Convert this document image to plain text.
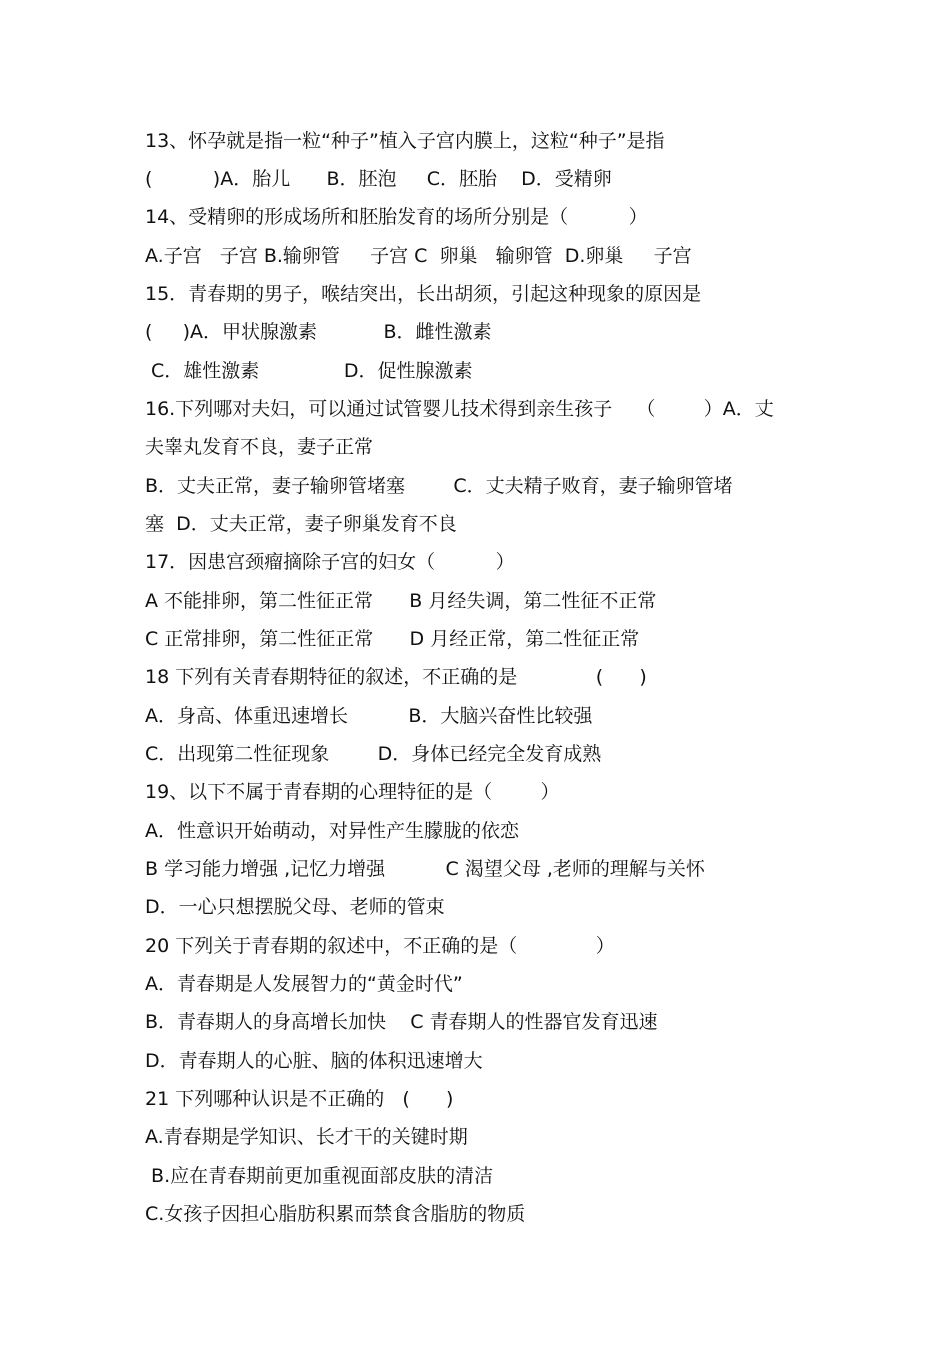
13、怀孕就是指一粒“种子”植入子宫内膜上，这粒“种子”是指
(          )A．胎儿      B．胚泡     C．胚胎    D．受精卵
14、受精卵的形成场所和胚胎发育的场所分别是（          ）
A.子宫   子宫 B.输卵管     子宫 C  卵巢   输卵管  D.卵巢     子宫
15．青春期的男子，喉结突出，长出胡须，引起这种现象的原因是
(     )A．甲状腺激素           B．雌性激素
C．雄性激素              D．促性腺激素
16.下列哪对夫妇，可以通过试管婴儿技术得到亲生孩子    （        ）A．丈
夫睾丸发育不良，妻子正常
B．丈夫正常，妻子输卵管堵塞        C．丈夫精子败育，妻子输卵管堵
塞  D．丈夫正常，妻子卵巢发育不良
17．因患宫颈瘤摘除子宫的妇女（          ）
A 不能排卵，第二性征正常      B 月经失调，第二性征不正常
C 正常排卵，第二性征正常      D 月经正常，第二性征正常
18 下列有关青春期特征的叙述，不正确的是             (      )
A．身高、体重迅速增长          B．大脑兴奋性比较强
C．出现第二性征现象        D．身体已经完全发育成熟
19、以下不属于青春期的心理特征的是（        ）
A．性意识开始萌动，对异性产生朦胧的依恋
B 学习能力增强 ,记忆力增强          C 渴望父母 ,老师的理解与关怀
D．一心只想摆脱父母、老师的管束
20 下列关于青春期的叙述中，不正确的是（             ）
A．青春期是人发展智力的“黄金时代”
B．青春期人的身高增长加快    C 青春期人的性器官发育迅速
D．青春期人的心脏、脑的体积迅速增大
21 下列哪种认识是不正确的   (      )
A.青春期是学知识、长才干的关键时期
B.应在青春期前更加重视面部皮肤的清洁
C.女孩子因担心脂肪积累而禁食含脂肪的物质
